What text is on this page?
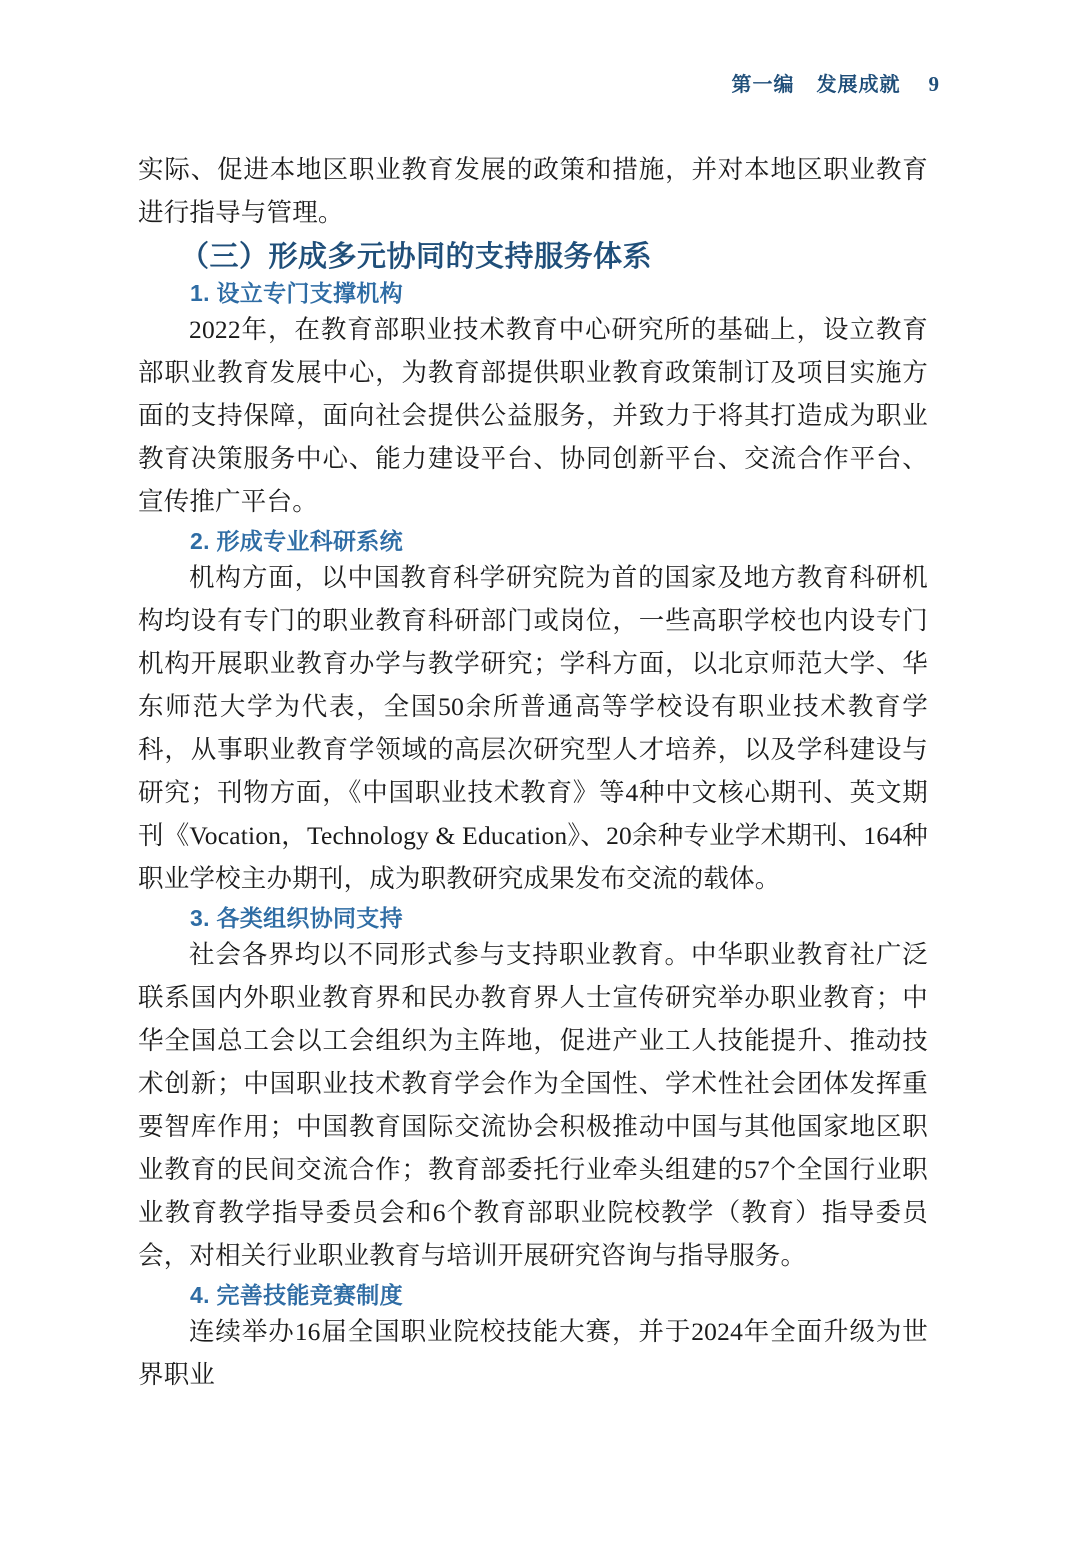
第一编 发展成就 9

实际、促进本地区职业教育发展的政策和措施，并对本地区职业教育进行指导与管理。

（三）形成多元协同的支持服务体系
1. 设立专门支撑机构

2022年，在教育部职业技术教育中心研究所的基础上，设立教育部职业教育发展中心，为教育部提供职业教育政策制订及项目实施方面的支持保障，面向社会提供公益服务，并致力于将其打造成为职业教育决策服务中心、能力建设平台、协同创新平台、交流合作平台、宣传推广平台。

2. 形成专业科研系统

机构方面，以中国教育科学研究院为首的国家及地方教育科研机构均设有专门的职业教育科研部门或岗位，一些高职学校也内设专门机构开展职业教育办学与教学研究；学科方面，以北京师范大学、华东师范大学为代表，全国50余所普通高等学校设有职业技术教育学科，从事职业教育学领域的高层次研究型人才培养，以及学科建设与研究；刊物方面，《中国职业技术教育》等4种中文核心期刊、英文期刊《Vocation，Technology & Education》、20余种专业学术期刊、164种职业学校主办期刊，成为职教研究成果发布交流的载体。

3. 各类组织协同支持

社会各界均以不同形式参与支持职业教育。中华职业教育社广泛联系国内外职业教育界和民办教育界人士宣传研究举办职业教育；中华全国总工会以工会组织为主阵地，促进产业工人技能提升、推动技术创新；中国职业技术教育学会作为全国性、学术性社会团体发挥重要智库作用；中国教育国际交流协会积极推动中国与其他国家地区职业教育的民间交流合作；教育部委托行业牵头组建的57个全国行业职业教育教学指导委员会和6个教育部职业院校教学（教育）指导委员会，对相关行业职业教育与培训开展研究咨询与指导服务。

4. 完善技能竞赛制度

连续举办16届全国职业院校技能大赛，并于2024年全面升级为世界职业
